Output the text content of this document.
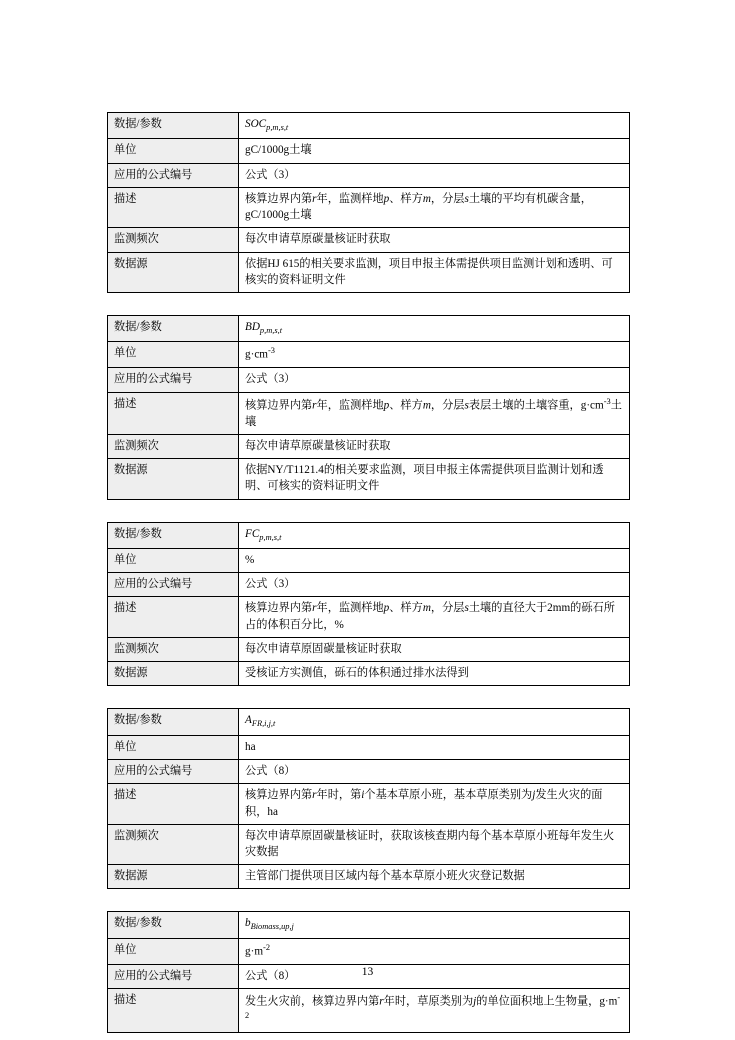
数据/参数	$SOC_{p,m,s,t}$
单位	gC/1000g土壤
应用的公式编号	公式（3）
描述	核算边界内第r年，监测样地p、样方m，分层s土壤的平均有机碳含量，gC/1000g土壤
监测频次	每次申请草原碳量核证时获取
数据源	依据HJ 615的相关要求监测，项目申报主体需提供项目监测计划和透明、可核实的资料证明文件
数据/参数	$BD_{p,m,s,t}$
单位	$g\cdot cm^{-3}$
应用的公式编号	公式（3）
描述	核算边界内第r年，监测样地p、样方m，分层s表层土壤的土壤容重，$g\cdot cm^{-3}$土壤
监测频次	每次申请草原碳量核证时获取
数据源	依据NY/T1121.4的相关要求监测，项目申报主体需提供项目监测计划和透明、可核实的资料证明文件
数据/参数	$FC_{p,m,s,t}$
单位	%
应用的公式编号	公式（3）
描述	核算边界内第r年，监测样地p、样方m，分层s土壤的直径大于2mm的砾石所占的体积百分比，%
监测频次	每次申请草原固碳量核证时获取
数据源	受核证方实测值，砾石的体积通过排水法得到
数据/参数	$A_{FR,i,j,t}$
单位	ha
应用的公式编号	公式（8）
描述	核算边界内第r年时，第i个基本草原小班，基本草原类别为j发生火灾的面积，ha
监测频次	每次申请草原固碳量核证时，获取该核查期内每个基本草原小班每年发生火灾数据
数据源	主管部门提供项目区域内每个基本草原小班火灾登记数据
数据/参数	$b_{Biomass,up,j}$
单位	$g\cdot m^{-2}$
应用的公式编号	公式（8）
描述	发生火灾前，核算边界内第r年时，草原类别为j的单位面积地上生物量，$g\cdot m^{-2}$
13
